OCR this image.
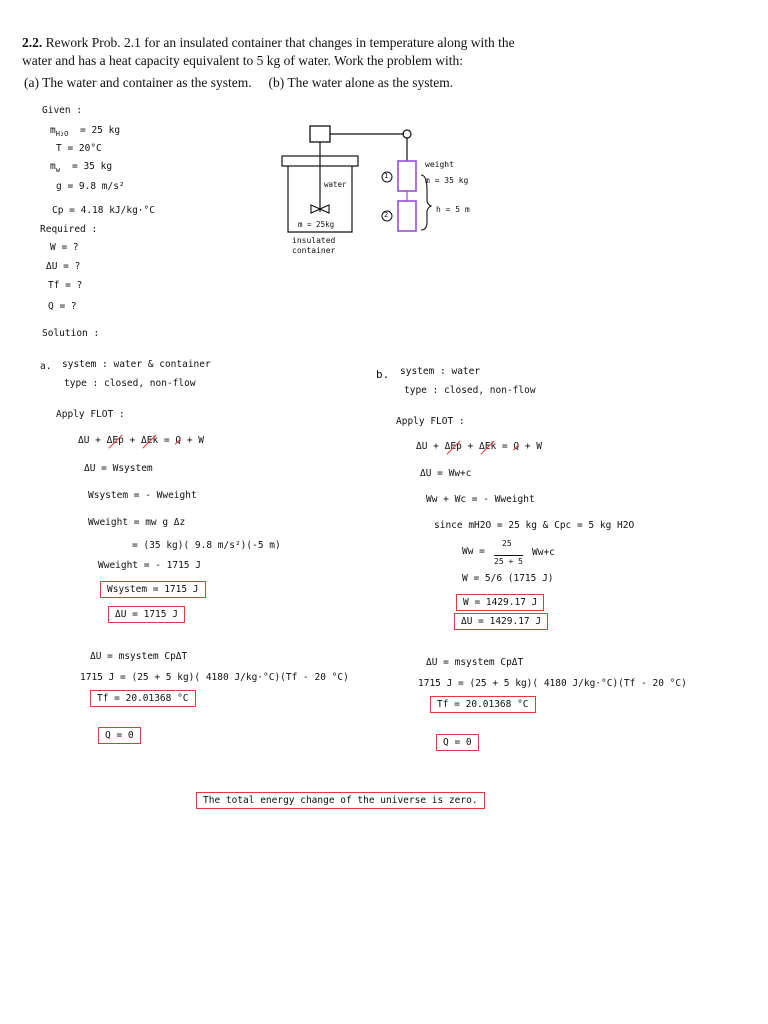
2.2. Rework Prob. 2.1 for an insulated container that changes in temperature along with the water and has a heat capacity equivalent to 5 kg of water. Work the problem with:
(a) The water and container as the system. (b) The water alone as the system.
Given :
$m_{H_2O} = 25$ kg
T = 20°C
$m_w = 35$ kg
g = 9.8 m/s²
Cp = 4.18 kJ/kg·°C
Required :
W = ?
ΔU = ?
Tf = ?
Q = ?
Solution :
1
2
water
m = 25kg
insulated
container
weight
m = 35 kg
h = 5 m
a. system : water & container
type : closed, non-flow
Apply FLOT :
ΔU + ΔEp + ΔEk = Q + W
ΔU = Wsystem
Wsystem = - Wweight
Wweight = mw g Δz
= (35 kg)( 9.8 m/s²)(-5 m)
Wweight = - 1715 J
Wsystem = 1715 J
ΔU = 1715 J
ΔU = msystem CpΔT
1715 J = (25 + 5 kg)( 4180 J/kg·°C)(Tf - 20 °C)
Tf = 20.01368 °C
Q = 0
b. system : water
type : closed, non-flow
Apply FLOT :
ΔU + ΔEp + ΔEk = Q + W
ΔU = Ww+c
Ww + Wc = - Wweight
since mH2O = 25 kg & Cpc = 5 kg H2O
Ww =
25
25 + 5
Ww+c
W = 5/6 (1715 J)
W = 1429.17 J
ΔU = 1429.17 J
ΔU = msystem CpΔT
1715 J = (25 + 5 kg)( 4180 J/kg·°C)(Tf - 20 °C)
Tf = 20.01368 °C
Q = 0
The total energy change of the universe is zero.
